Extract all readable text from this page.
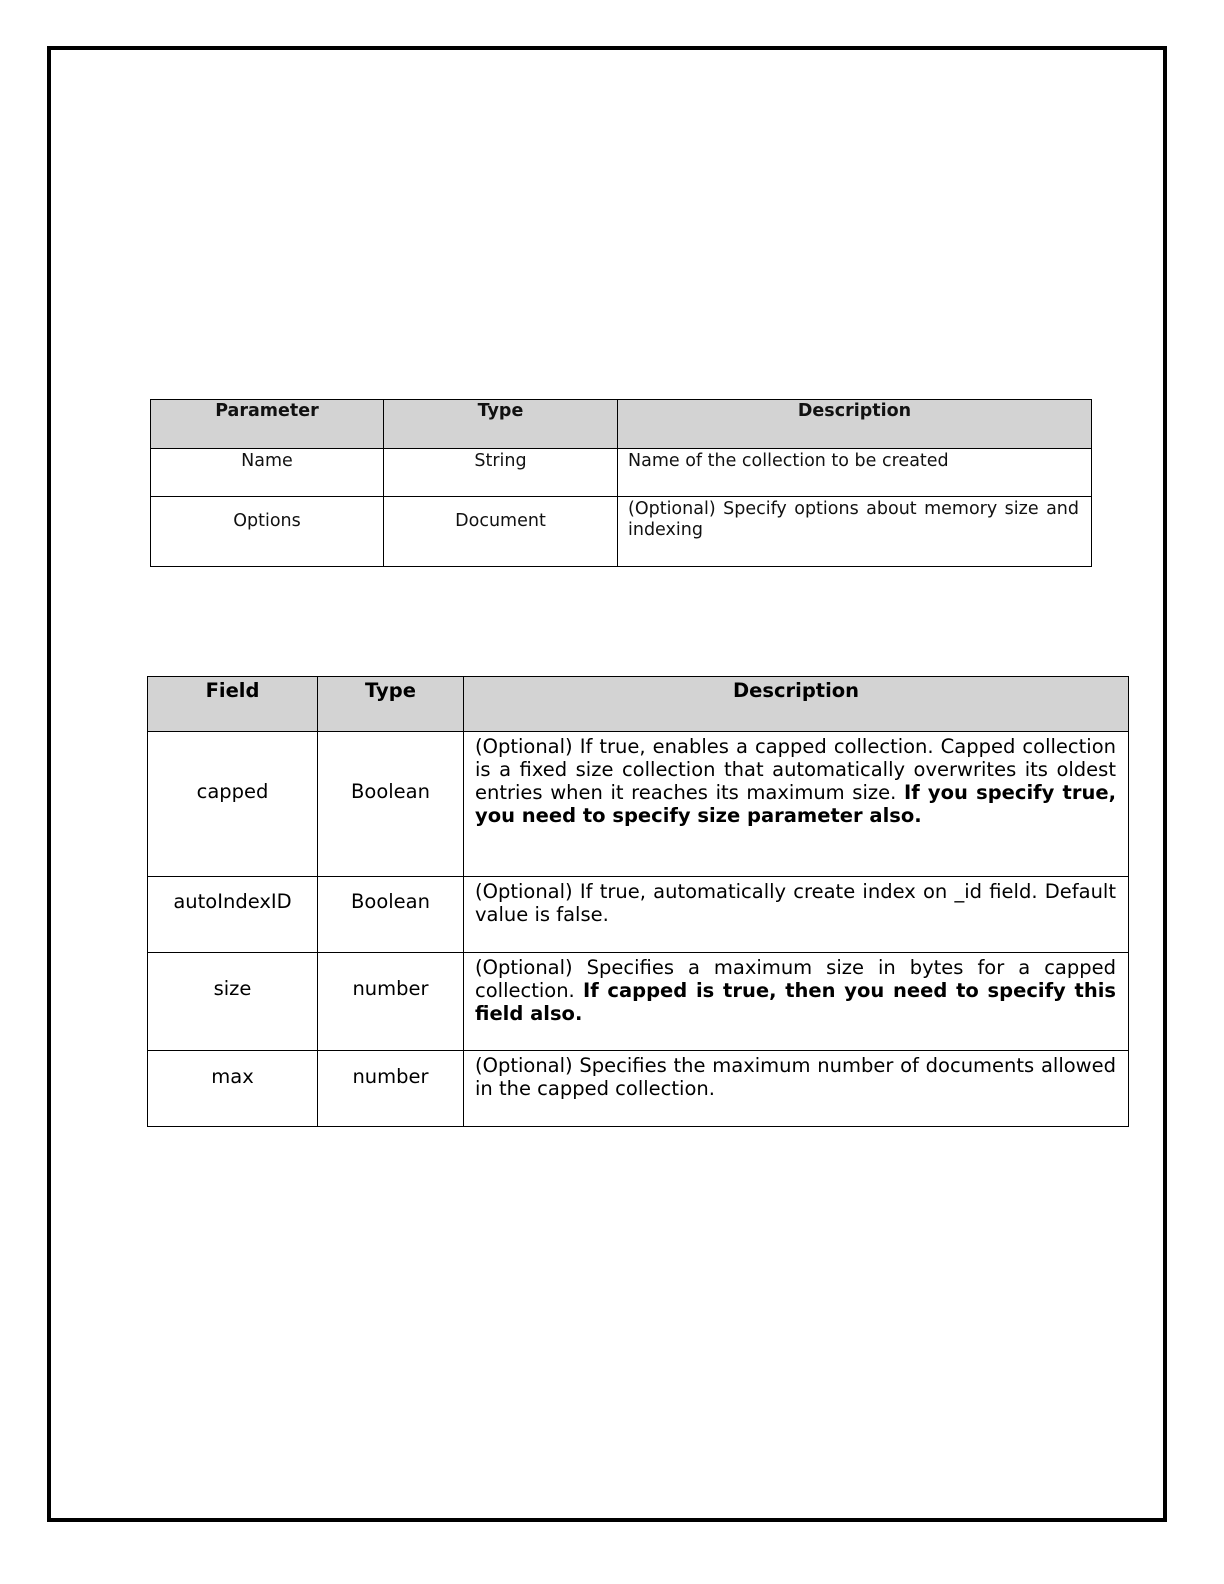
Parameter	Type	Description
Name	String	Name of the collection to be created
Options	Document	(Optional) Specify options about memory size and indexing
Field	Type	Description
capped	Boolean	(Optional) If true, enables a capped collection. Capped collection is a fixed size collection that automatically overwrites its oldest entries when it reaches its maximum size. If you specify true, you need to specify size parameter also.
autoIndexID	Boolean	(Optional) If true, automatically create index on _id field. Default value is false.
size	number	(Optional) Specifies a maximum size in bytes for a capped collection. If capped is true, then you need to specify this field also.
max	number	(Optional) Specifies the maximum number of documents allowed in the capped collection.
